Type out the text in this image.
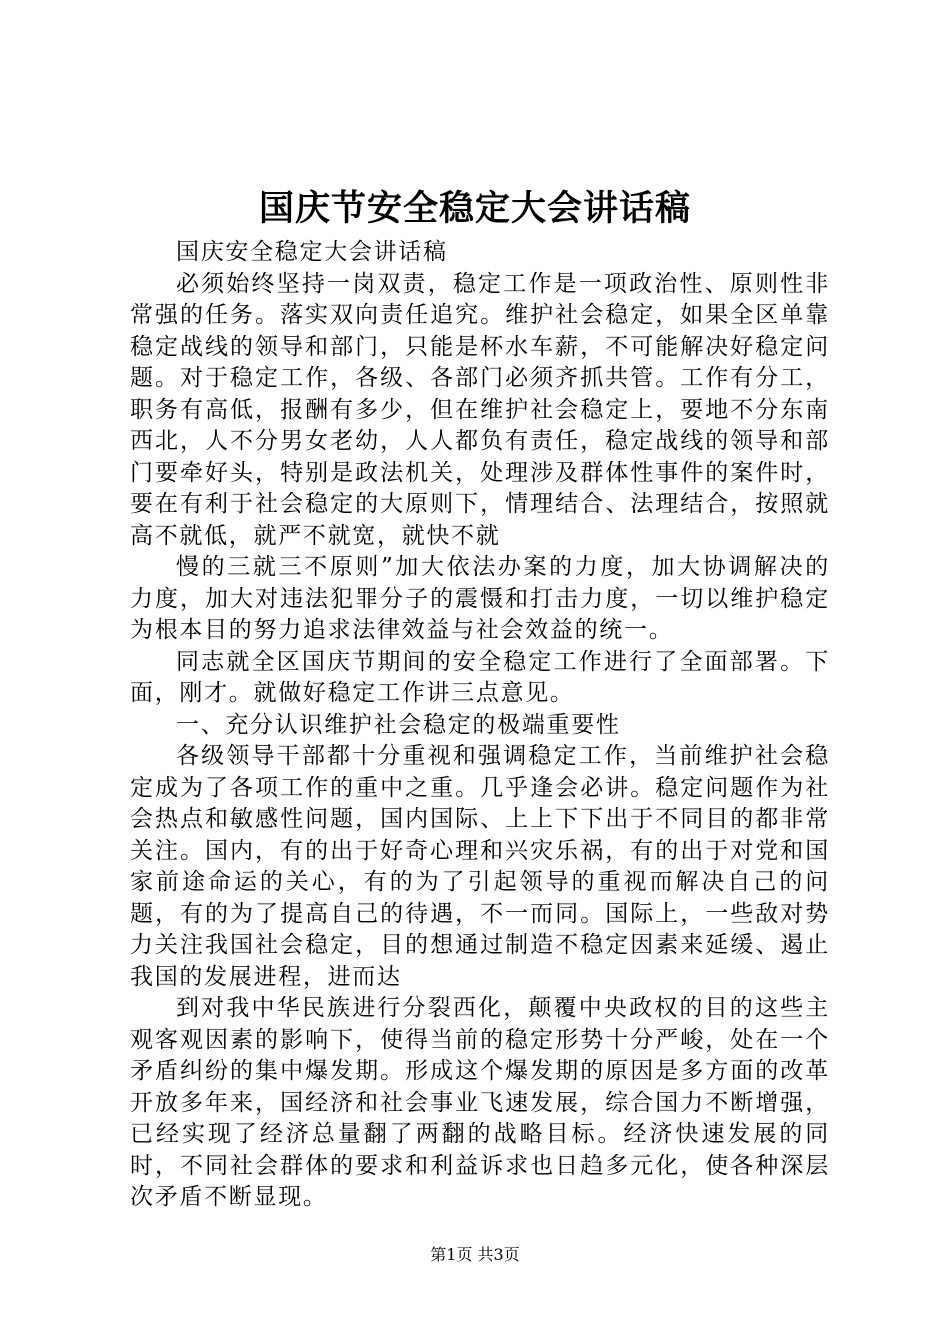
国庆节安全稳定大会讲话稿

国庆安全稳定大会讲话稿

必须始终坚持一岗双责，稳定工作是一项政治性、原则性非常强的任务。落实双向责任追究。维护社会稳定，如果全区单靠稳定战线的领导和部门，只能是杯水车薪，不可能解决好稳定问题。对于稳定工作，各级、各部门必须齐抓共管。工作有分工，职务有高低，报酬有多少，但在维护社会稳定上，要地不分东南西北，人不分男女老幼，人人都负有责任，稳定战线的领导和部门要牵好头，特别是政法机关，处理涉及群体性事件的案件时，要在有利于社会稳定的大原则下，情理结合、法理结合，按照就高不就低，就严不就宽，就快不就

慢的三就三不原则”加大依法办案的力度，加大协调解决的力度，加大对违法犯罪分子的震慑和打击力度，一切以维护稳定为根本目的努力追求法律效益与社会效益的统一。

同志就全区国庆节期间的安全稳定工作进行了全面部署。下面，刚才。就做好稳定工作讲三点意见。

一、充分认识维护社会稳定的极端重要性

各级领导干部都十分重视和强调稳定工作，当前维护社会稳定成为了各项工作的重中之重。几乎逢会必讲。稳定问题作为社会热点和敏感性问题，国内国际、上上下下出于不同目的都非常关注。国内，有的出于好奇心理和兴灾乐祸，有的出于对党和国家前途命运的关心，有的为了引起领导的重视而解决自己的问题，有的为了提高自己的待遇，不一而同。国际上，一些敌对势力关注我国社会稳定，目的想通过制造不稳定因素来延缓、遏止我国的发展进程，进而达

到对我中华民族进行分裂西化，颠覆中央政权的目的这些主观客观因素的影响下，使得当前的稳定形势十分严峻，处在一个矛盾纠纷的集中爆发期。形成这个爆发期的原因是多方面的改革开放多年来，国经济和社会事业飞速发展，综合国力不断增强，已经实现了经济总量翻了两翻的战略目标。经济快速发展的同时，不同社会群体的要求和利益诉求也日趋多元化，使各种深层次矛盾不断显现。

第1页 共3页
